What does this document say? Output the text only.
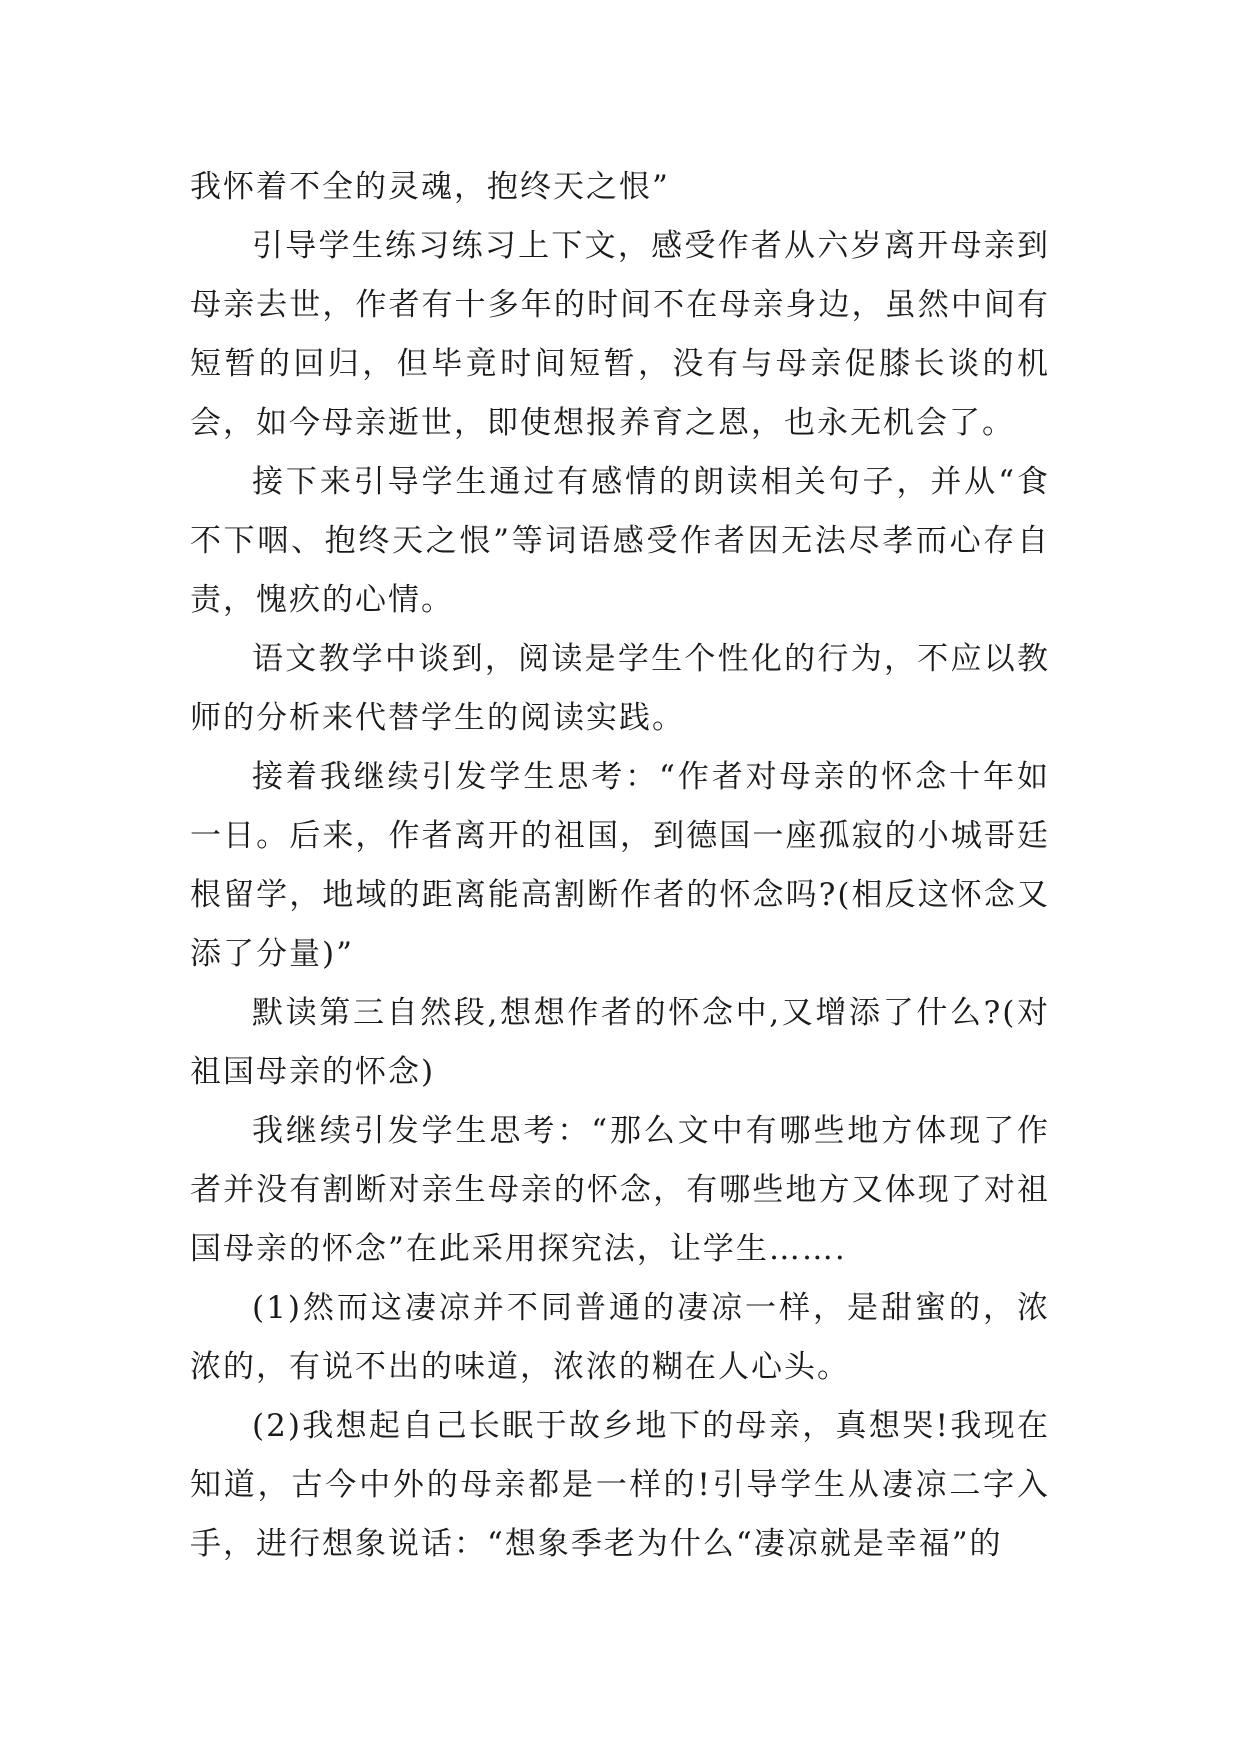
我怀着不全的灵魂，抱终天之恨”

引导学生练习练习上下文，感受作者从六岁离开母亲到母亲去世，作者有十多年的时间不在母亲身边，虽然中间有短暂的回归，但毕竟时间短暂，没有与母亲促膝长谈的机会，如今母亲逝世，即使想报养育之恩，也永无机会了。

接下来引导学生通过有感情的朗读相关句子，并从“食不下咽、抱终天之恨”等词语感受作者因无法尽孝而心存自责，愧疚的心情。

语文教学中谈到，阅读是学生个性化的行为，不应以教师的分析来代替学生的阅读实践。

接着我继续引发学生思考：“作者对母亲的怀念十年如一日。后来，作者离开的祖国，到德国一座孤寂的小城哥廷根留学，地域的距离能高割断作者的怀念吗?(相反这怀念又添了分量)”

默读第三自然段,想想作者的怀念中,又增添了什么?(对祖国母亲的怀念)

我继续引发学生思考：“那么文中有哪些地方体现了作者并没有割断对亲生母亲的怀念，有哪些地方又体现了对祖国母亲的怀念”在此采用探究法，让学生…….

(1)然而这凄凉并不同普通的凄凉一样，是甜蜜的，浓浓的，有说不出的味道，浓浓的糊在人心头。

(2)我想起自己长眠于故乡地下的母亲，真想哭!我现在知道，古今中外的母亲都是一样的!引导学生从凄凉二字入手，进行想象说话：“想象季老为什么“凄凉就是幸福”的
